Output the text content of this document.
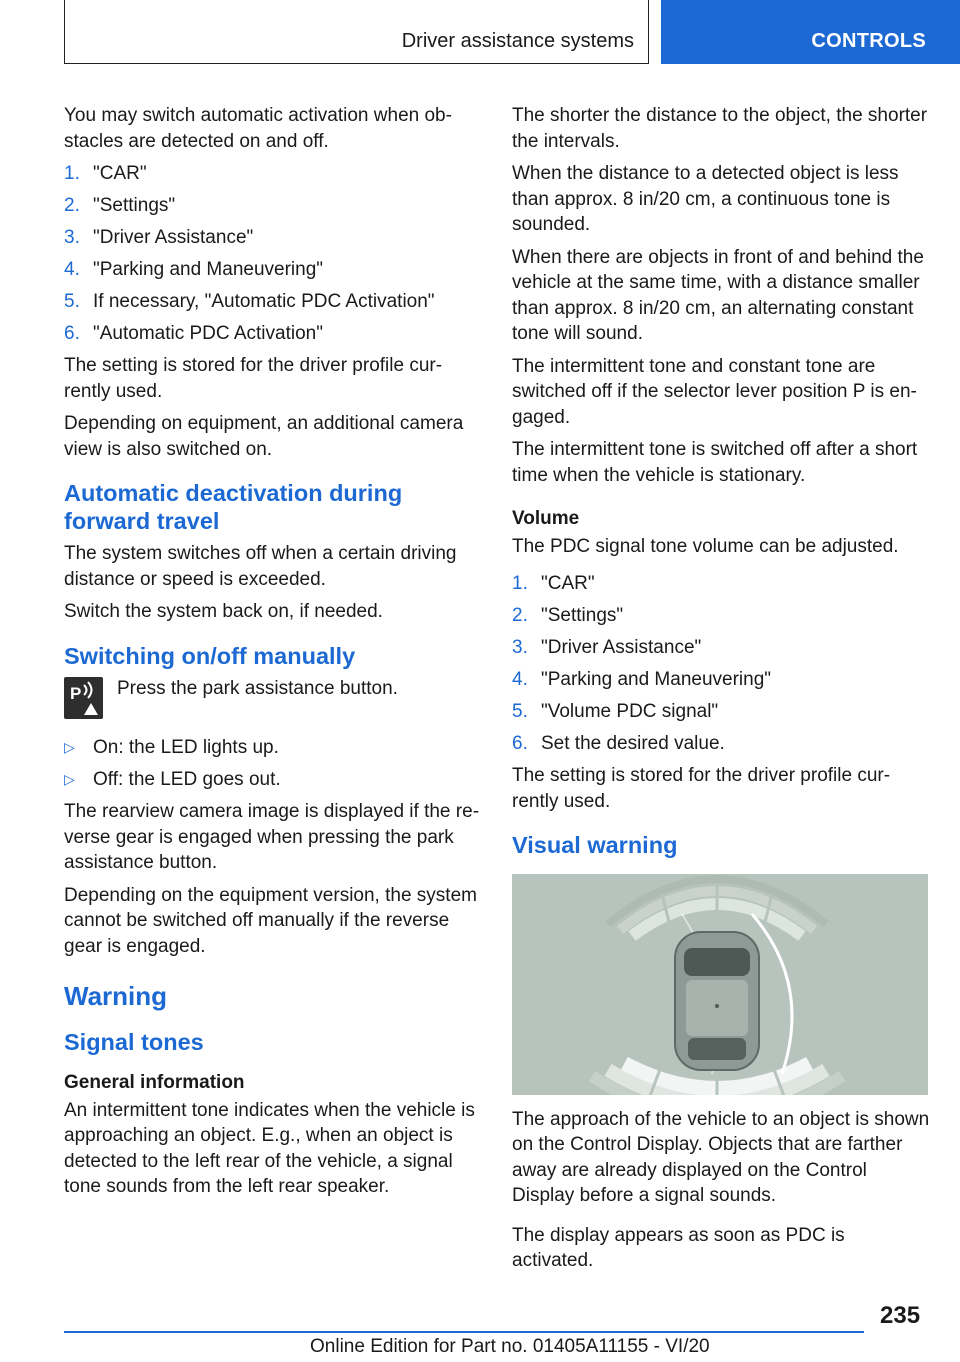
Driver assistance systems	CONTROLS

You may switch automatic activation when obstacles are detected on and off.

1. "CAR"
2. "Settings"
3. "Driver Assistance"
4. "Parking and Maneuvering"
5. If necessary, "Automatic PDC Activation"
6. "Automatic PDC Activation"

The setting is stored for the driver profile currently used.

Depending on equipment, an additional camera view is also switched on.

Automatic deactivation during forward travel

The system switches off when a certain driving distance or speed is exceeded.

Switch the system back on, if needed.

Switching on/off manually
P Press the park assistance button.
▷ On: the LED lights up.
▷ Off: the LED goes out.

The rearview camera image is displayed if the reverse gear is engaged when pressing the park assistance button.

Depending on the equipment version, the system cannot be switched off manually if the reverse gear is engaged.

Warning
Signal tones
General information

An intermittent tone indicates when the vehicle is approaching an object. E.g., when an object is detected to the left rear of the vehicle, a signal tone sounds from the left rear speaker.

The shorter the distance to the object, the shorter the intervals.

When the distance to a detected object is less than approx. 8 in/20 cm, a continuous tone is sounded.

When there are objects in front of and behind the vehicle at the same time, with a distance smaller than approx. 8 in/20 cm, an alternating constant tone will sound.

The intermittent tone and constant tone are switched off if the selector lever position P is engaged.

The intermittent tone is switched off after a short time when the vehicle is stationary.

Volume

The PDC signal tone volume can be adjusted.

1. "CAR"
2. "Settings"
3. "Driver Assistance"
4. "Parking and Maneuvering"
5. "Volume PDC signal"
6. Set the desired value.

The setting is stored for the driver profile currently used.

Visual warning

The approach of the vehicle to an object is shown on the Control Display. Objects that are farther away are already displayed on the Control Display before a signal sounds.

The display appears as soon as PDC is activated.

235
Online Edition for Part no. 01405A11155 - VI/20
